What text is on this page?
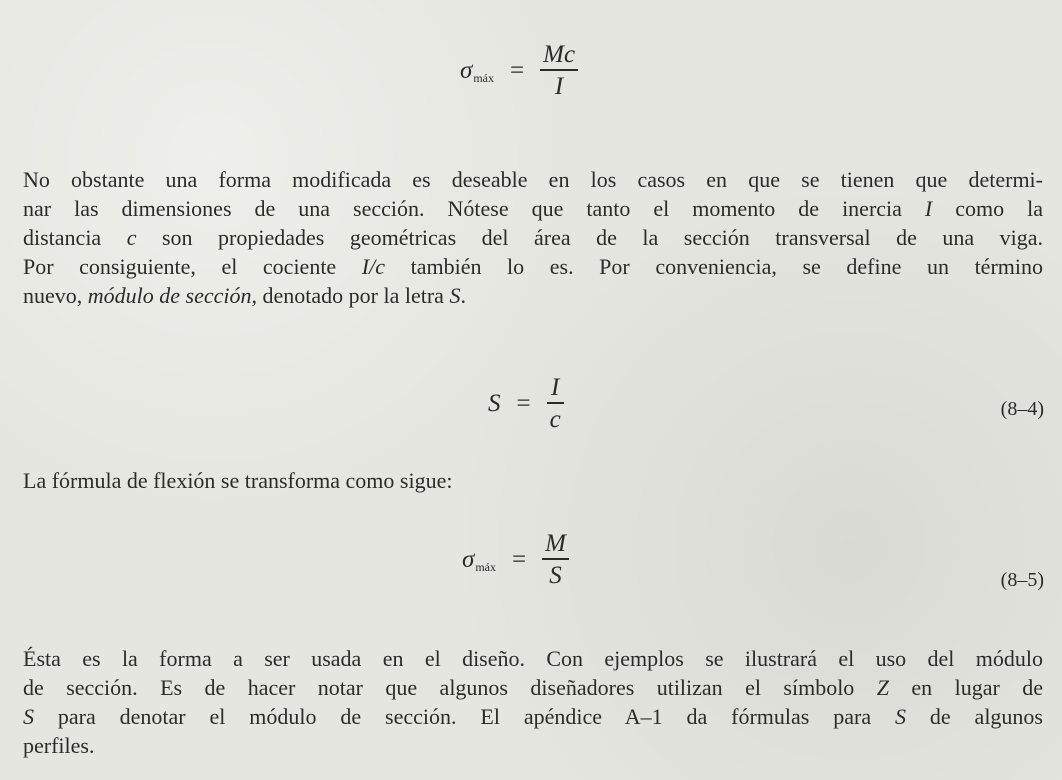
σmáx = $\frac{Mc}{I}$
No obstante una forma modificada es deseable en los casos en que se tienen que determi-
nar las dimensiones de una sección. Nótese que tanto el momento de inercia I como la
distancia c son propiedades geométricas del área de la sección transversal de una viga.
Por consiguiente, el cociente I/c también lo es. Por conveniencia, se define un término
nuevo, módulo de sección, denotado por la letra S.
$S = \frac{I}{c}$	(8–4)
La fórmula de flexión se transforma como sigue:
σmáx = $\frac{M}{S}$	(8–5)
Ésta es la forma a ser usada en el diseño. Con ejemplos se ilustrará el uso del módulo
de sección. Es de hacer notar que algunos diseñadores utilizan el símbolo Z en lugar de
S para denotar el módulo de sección. El apéndice A–1 da fórmulas para S de algunos
perfiles.
